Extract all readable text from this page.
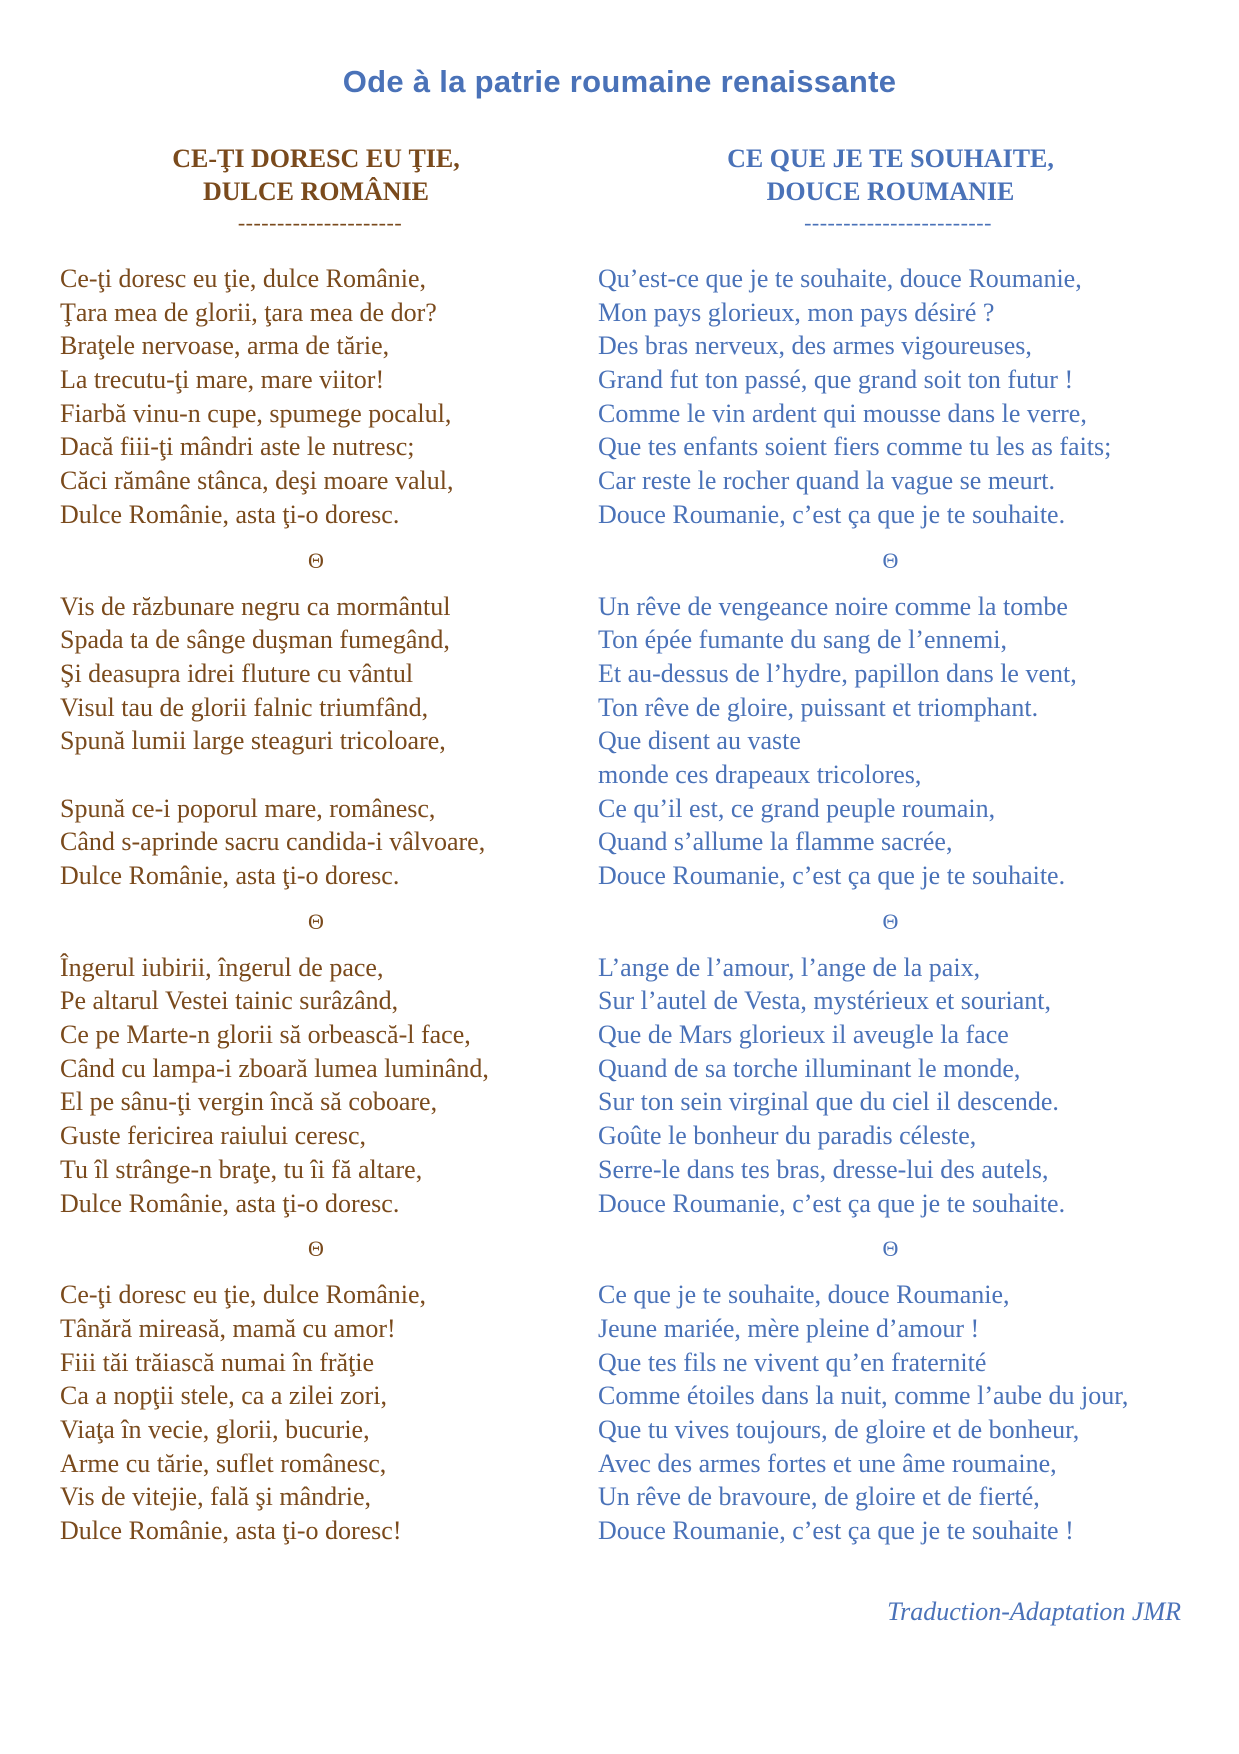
Ode à la patrie roumaine renaissante
CE-ŢI DORESC EU ŢIE,
DULCE ROMÂNIE
---------------------
Ce-ţi doresc eu ţie, dulce Românie,
Ţara mea de glorii, ţara mea de dor?
Braţele nervoase, arma de tărie,
La trecutu-ţi mare, mare viitor!
Fiarbă vinu-n cupe, spumege pocalul,
Dacă fiii-ţi mândri aste le nutresc;
Căci rămâne stânca, deşi moare valul,
Dulce Românie, asta ţi-o doresc.
Θ
Vis de răzbunare negru ca mormântul
Spada ta de sânge duşman fumegând,
Şi deasupra idrei fluture cu vântul
Visul tau de glorii falnic triumfând,
Spună lumii large steaguri tricoloare,
Spună ce-i poporul mare, românesc,
Când s-aprinde sacru candida-i vâlvoare,
Dulce Românie, asta ţi-o doresc.
Θ
Îngerul iubirii, îngerul de pace,
Pe altarul Vestei tainic surâzând,
Ce pe Marte-n glorii să orbească-l face,
Când cu lampa-i zboară lumea luminând,
El pe sânu-ţi vergin încă să coboare,
Guste fericirea raiului ceresc,
Tu îl strânge-n braţe, tu îi fă altare,
Dulce Românie, asta ţi-o doresc.
Θ
Ce-ţi doresc eu ţie, dulce Românie,
Tânără mireasă, mamă cu amor!
Fiii tăi trăiască numai în frăţie
Ca a nopţii stele, ca a zilei zori,
Viaţa în vecie, glorii, bucurie,
Arme cu tărie, suflet românesc,
Vis de vitejie, fală şi mândrie,
Dulce Românie, asta ţi-o doresc!
CE QUE JE TE SOUHAITE,
DOUCE ROUMANIE
------------------------
Qu’est-ce que je te souhaite, douce Roumanie,
Mon pays glorieux, mon pays désiré ?
Des bras nerveux, des armes vigoureuses,
Grand fut ton passé, que grand soit ton futur !
Comme le vin ardent qui mousse dans le verre,
Que tes enfants soient fiers comme tu les as faits;
Car reste le rocher quand la vague se meurt.
Douce Roumanie, c’est ça que je te souhaite.
Θ
Un rêve de vengeance noire comme la tombe
Ton épée fumante du sang de l’ennemi,
Et au-dessus de l’hydre, papillon dans le vent,
Ton rêve de gloire, puissant et triomphant.
Que disent au vaste
monde ces drapeaux tricolores,
Ce qu’il est, ce grand peuple roumain,
Quand s’allume la flamme sacrée,
Douce Roumanie, c’est ça que je te souhaite.
Θ
L’ange de l’amour, l’ange de la paix,
Sur l’autel de Vesta, mystérieux et souriant,
Que de Mars glorieux il aveugle la face
Quand de sa torche illuminant le monde,
Sur ton sein virginal que du ciel il descende.
Goûte le bonheur du paradis céleste,
Serre-le dans tes bras, dresse-lui des autels,
Douce Roumanie, c’est ça que je te souhaite.
Θ
Ce que je te souhaite, douce Roumanie,
Jeune mariée, mère pleine d’amour !
Que tes fils ne vivent qu’en fraternité
Comme étoiles dans la nuit, comme l’aube du jour,
Que tu vives toujours, de gloire et de bonheur,
Avec des armes fortes et une âme roumaine,
Un rêve de bravoure, de gloire et de fierté,
Douce Roumanie, c’est ça que je te souhaite !
Traduction-Adaptation JMR
